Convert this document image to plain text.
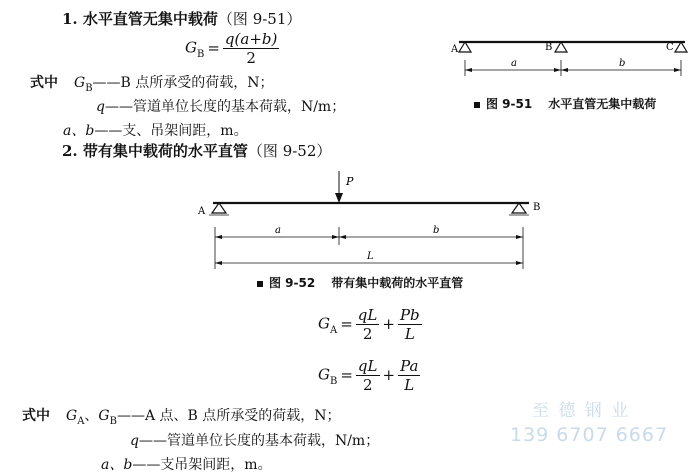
1. 水平直管无集中载荷（图 9-51）
$G_B = \frac{q(a+b)}{2}$
式中 $G_B——B$ 点所承受的荷载，N；
q——管道单位长度的基本荷载，N/m；
a、b——支、吊架间距，m。
A	B	C
a	b
图 9-51 水平直管无集中载荷
2. 带有集中载荷的水平直管（图 9-52）
P
A	B
a	b
L
图 9-52 带有集中载荷的水平直管
$G_A = \frac{qL}{2} + \frac{Pb}{L}$
$G_B = \frac{qL}{2} + \frac{Pa}{L}$
式中 $G_A$、$G_B——A$ 点、B 点所承受的荷载，N；
q——管道单位长度的基本荷载，N/m；
a、b——支吊架间距，m。
至 德 钢 业
139 6707 6667
